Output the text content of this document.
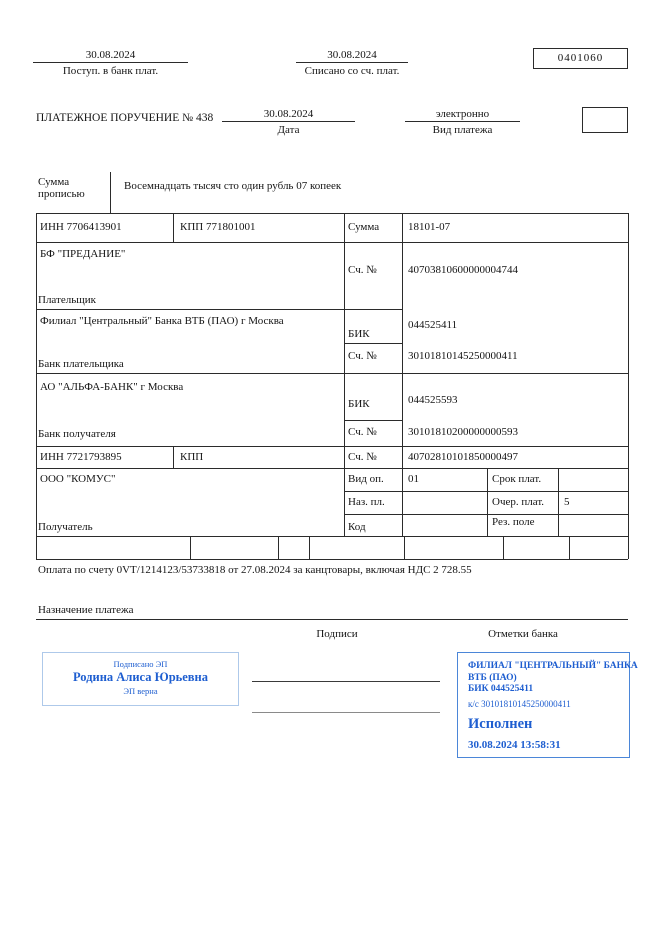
30.08.2024
Поступ. в банк плат.
30.08.2024
Списано со сч. плат.
0401060
ПЛАТЕЖНОЕ ПОРУЧЕНИЕ № 438	30.08.2024
Дата
электронно
Вид платежа
Сумма прописью
Восемнадцать тысяч сто один рубль 07 копеек
ИНН 7706413901	КПП 771801001	Сумма	18101-07
БФ "ПРЕДАНИЕ"
Плательщик
Сч. №	40703810600000004744
Филиал "Центральный" Банка ВТБ (ПАО) г Москва
Банк плательщика
БИК
044525411
Сч. №	30101810145250000411
АО "АЛЬФА-БАНК" г Москва
Банк получателя
БИК	044525593
Сч. №	30101810200000000593
ИНН 7721793895	КПП	Сч. №	40702810101850000497
ООО "КОМУС"
Получатель
Вид оп. 01	Срок плат.
Наз. пл.	Очер. плат. 5
Код	Рез. поле
Оплата по счету 0VT/1214123/53733818 от 27.08.2024 за канцтовары, включая НДС 2 728.55
Назначение платежа
Подписи	Отметки банка
Подписано ЭП
Родина Алиса Юрьевна
ЭП верна
ФИЛИАЛ "ЦЕНТРАЛЬНЫЙ" БАНКА
ВТБ (ПАО)
БИК 044525411
к/с 30101810145250000411
Исполнен
30.08.2024 13:58:31
